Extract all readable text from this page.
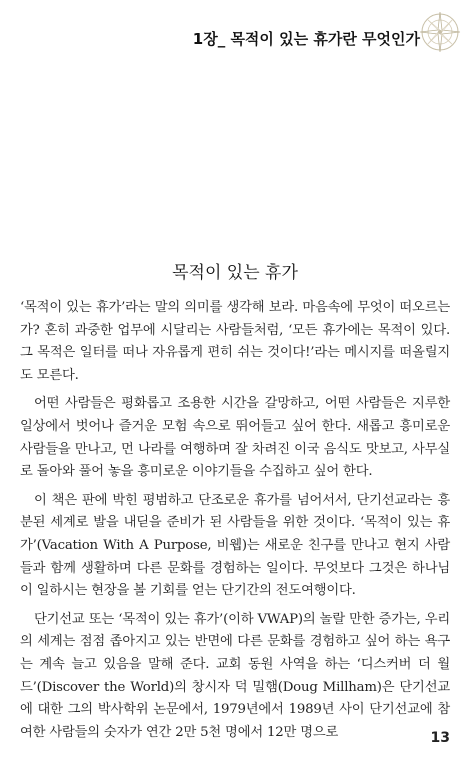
1장_ 목적이 있는 휴가란 무엇인가
목적이 있는 휴가

‘목적이 있는 휴가’라는 말의 의미를 생각해 보라. 마음속에 무엇이 떠오르는가? 혼히 과중한 업무에 시달리는 사람들처럼, ‘모든 휴가에는 목적이 있다. 그 목적은 일터를 떠나 자유롭게 편히 쉬는 것이다!’라는 메시지를 떠올릴지도 모른다.

어떤 사람들은 평화롭고 조용한 시간을 갈망하고, 어떤 사람들은 지루한 일상에서 벗어나 즐거운 모험 속으로 뛰어들고 싶어 한다. 새롭고 흥미로운 사람들을 만나고, 먼 나라를 여행하며 잘 차려진 이국 음식도 맛보고, 사무실로 돌아와 풀어 놓을 흥미로운 이야기들을 수집하고 싶어 한다.

이 책은 판에 박힌 평범하고 단조로운 휴가를 넘어서서, 단기선교라는 흥분된 세계로 발을 내딛을 준비가 된 사람들을 위한 것이다. ‘목적이 있는 휴가’(Vacation With A Purpose, 비웹)는 새로운 친구를 만나고 현지 사람들과 함께 생활하며 다른 문화를 경험하는 일이다. 무엇보다 그것은 하나님이 일하시는 현장을 볼 기회를 얻는 단기간의 전도여행이다.

단기선교 또는 ‘목적이 있는 휴가’(이하 VWAP)의 놀랄 만한 증가는, 우리의 세계는 점점 좁아지고 있는 반면에 다른 문화를 경험하고 싶어 하는 욕구는 계속 늘고 있음을 말해 준다. 교회 동원 사역을 하는 ‘디스커버 더 월드’(Discover the World)의 창시자 덕 밀햄(Doug Millham)은 단기선교에 대한 그의 박사학위 논문에서, 1979년에서 1989년 사이 단기선교에 참여한 사람들의 숫자가 연간 2만 5천 명에서 12만 명으로	13
